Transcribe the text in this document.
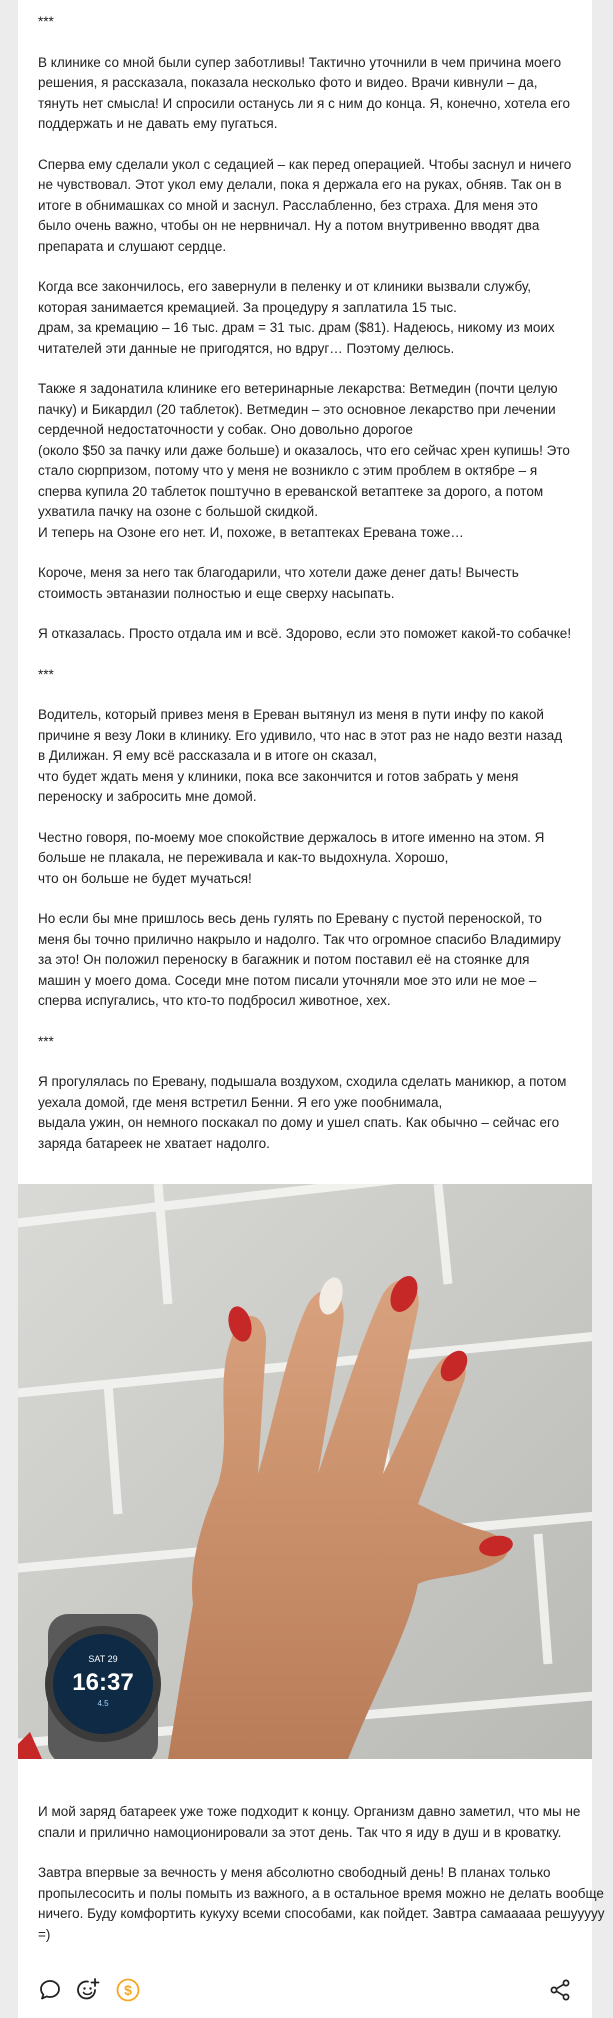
***

В клинике со мной были супер заботливы! Тактично уточнили в чем причина моего решения, я рассказала, показала несколько фото и видео. Врачи кивнули – да, тянуть нет смысла! И спросили останусь ли я с ним до конца. Я, конечно, хотела его поддержать и не давать ему пугаться.

Сперва ему сделали укол с седацией – как перед операцией. Чтобы заснул и ничего не чувствовал. Этот укол ему делали, пока я держала его на руках, обняв. Так он в итоге в обнимашках со мной и заснул. Расслабленно, без страха. Для меня это было очень важно, чтобы он не нервничал. Ну а потом внутривенно вводят два препарата и слушают сердце.

Когда все закончилось, его завернули в пеленку и от клиники вызвали службу, которая занимается кремацией. За процедуру я заплатила 15 тыс.
драм, за кремацию – 16 тыс. драм = 31 тыс. драм ($81). Надеюсь, никому из моих читателей эти данные не пригодятся, но вдруг… Поэтому делюсь.

Также я задонатила клинике его ветеринарные лекарства: Ветмедин (почти целую пачку) и Бикардил (20 таблеток). Ветмедин – это основное лекарство при лечении сердечной недостаточности у собак. Оно довольно дорогое
(около $50 за пачку или даже больше) и оказалось, что его сейчас хрен купишь! Это стало сюрпризом, потому что у меня не возникло с этим проблем в октябре – я сперва купила 20 таблеток поштучно в ереванской ветаптеке за дорого, а потом ухватила пачку на озоне с большой скидкой.
И теперь на Озоне его нет. И, похоже, в ветаптеках Еревана тоже…

Короче, меня за него так благодарили, что хотели даже денег дать! Вычесть стоимость эвтаназии полностью и еще сверху насыпать.

Я отказалась. Просто отдала им и всё. Здорово, если это поможет какой-то собачке!

***

Водитель, который привез меня в Ереван вытянул из меня в пути инфу по какой причине я везу Локи в клинику. Его удивило, что нас в этот раз не надо везти назад в Дилижан. Я ему всё рассказала и в итоге он сказал,
что будет ждать меня у клиники, пока все закончится и готов забрать у меня переноску и забросить мне домой.

Честно говоря, по-моему мое спокойствие держалось в итоге именно на этом. Я больше не плакала, не переживала и как-то выдохнула. Хорошо,
что он больше не будет мучаться!

Но если бы мне пришлось весь день гулять по Еревану с пустой переноской, то меня бы точно прилично накрыло и надолго. Так что огромное спасибо Владимиру за это! Он положил переноску в багажник и потом поставил её на стоянке для машин у моего дома. Соседи мне потом писали уточняли мое это или не мое – сперва испугались, что кто-то подбросил животное, хех.

***

Я прогулялась по Еревану, подышала воздухом, сходила сделать маникюр, а потом уехала домой, где меня встретил Бенни. Я его уже пообнимала,
выдала ужин, он немного поскакал по дому и ушел спать. Как обычно – сейчас его заряда батареек не хватает надолго.

SAT 29
16:37
4.5

И мой заряд батареек уже тоже подходит к концу. Организм давно заметил, что мы не спали и прилично намоционировали за этот день. Так что я иду в душ и в кроватку.

Завтра впервые за вечность у меня абсолютно свободный день! В планах только пропылесосить и полы помыть из важного, а в остальное время можно не делать вообще ничего. Буду комфортить кукуху всеми способами, как пойдет. Завтра самааааа решууууу =)

$
